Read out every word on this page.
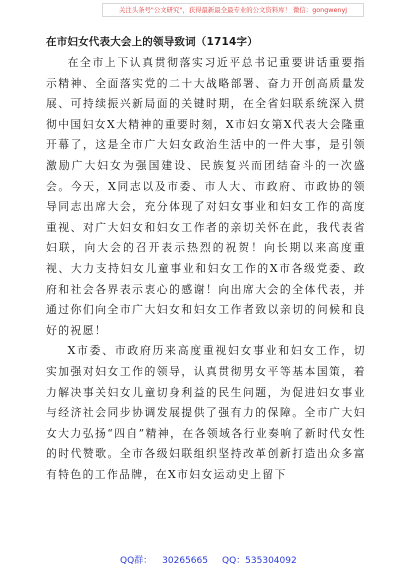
关注头条号"公文研究"，获得最新最全最专业的公文资料库！ 微信：gongwenyj
在市妇女代表大会上的领导致词（1714字）

在全市上下认真贯彻落实习近平总书记重要讲话重要指示精神、全面落实党的二十大战略部署、奋力开创高质量发展、可持续振兴新局面的关键时期，在全省妇联系统深入贯彻中国妇女X大精神的重要时刻，X市妇女第X代表大会隆重开幕了，这是全市广大妇女政治生活中的一件大事，是引领激励广大妇女为强国建设、民族复兴而团结奋斗的一次盛会。今天，X同志以及市委、市人大、市政府、市政协的领导同志出席大会，充分体现了对妇女事业和妇女工作的高度重视、对广大妇女和妇女工作者的亲切关怀在此，我代表省妇联，向大会的召开表示热烈的祝贺！向长期以来高度重视、大力支持妇女儿童事业和妇女工作的X市各级党委、政府和社会各界表示衷心的感谢！向出席大会的全体代表，并通过你们向全市广大妇女和妇女工作者致以亲切的问候和良好的祝愿！

X市委、市政府历来高度重视妇女事业和妇女工作，切实加强对妇女工作的领导，认真贯彻男女平等基本国策，着力解决事关妇女儿童切身利益的民生问题，为促进妇女事业与经济社会同步协调发展提供了强有力的保障。全市广大妇女大力弘扬“四自”精神，在各领域各行业奏响了新时代女性的时代赞歌。全市各级妇联组织坚持改革创新打造出众多富有特色的工作品牌，在X市妇女运动史上留下

QQ群： 30265665 QQ：535304092
